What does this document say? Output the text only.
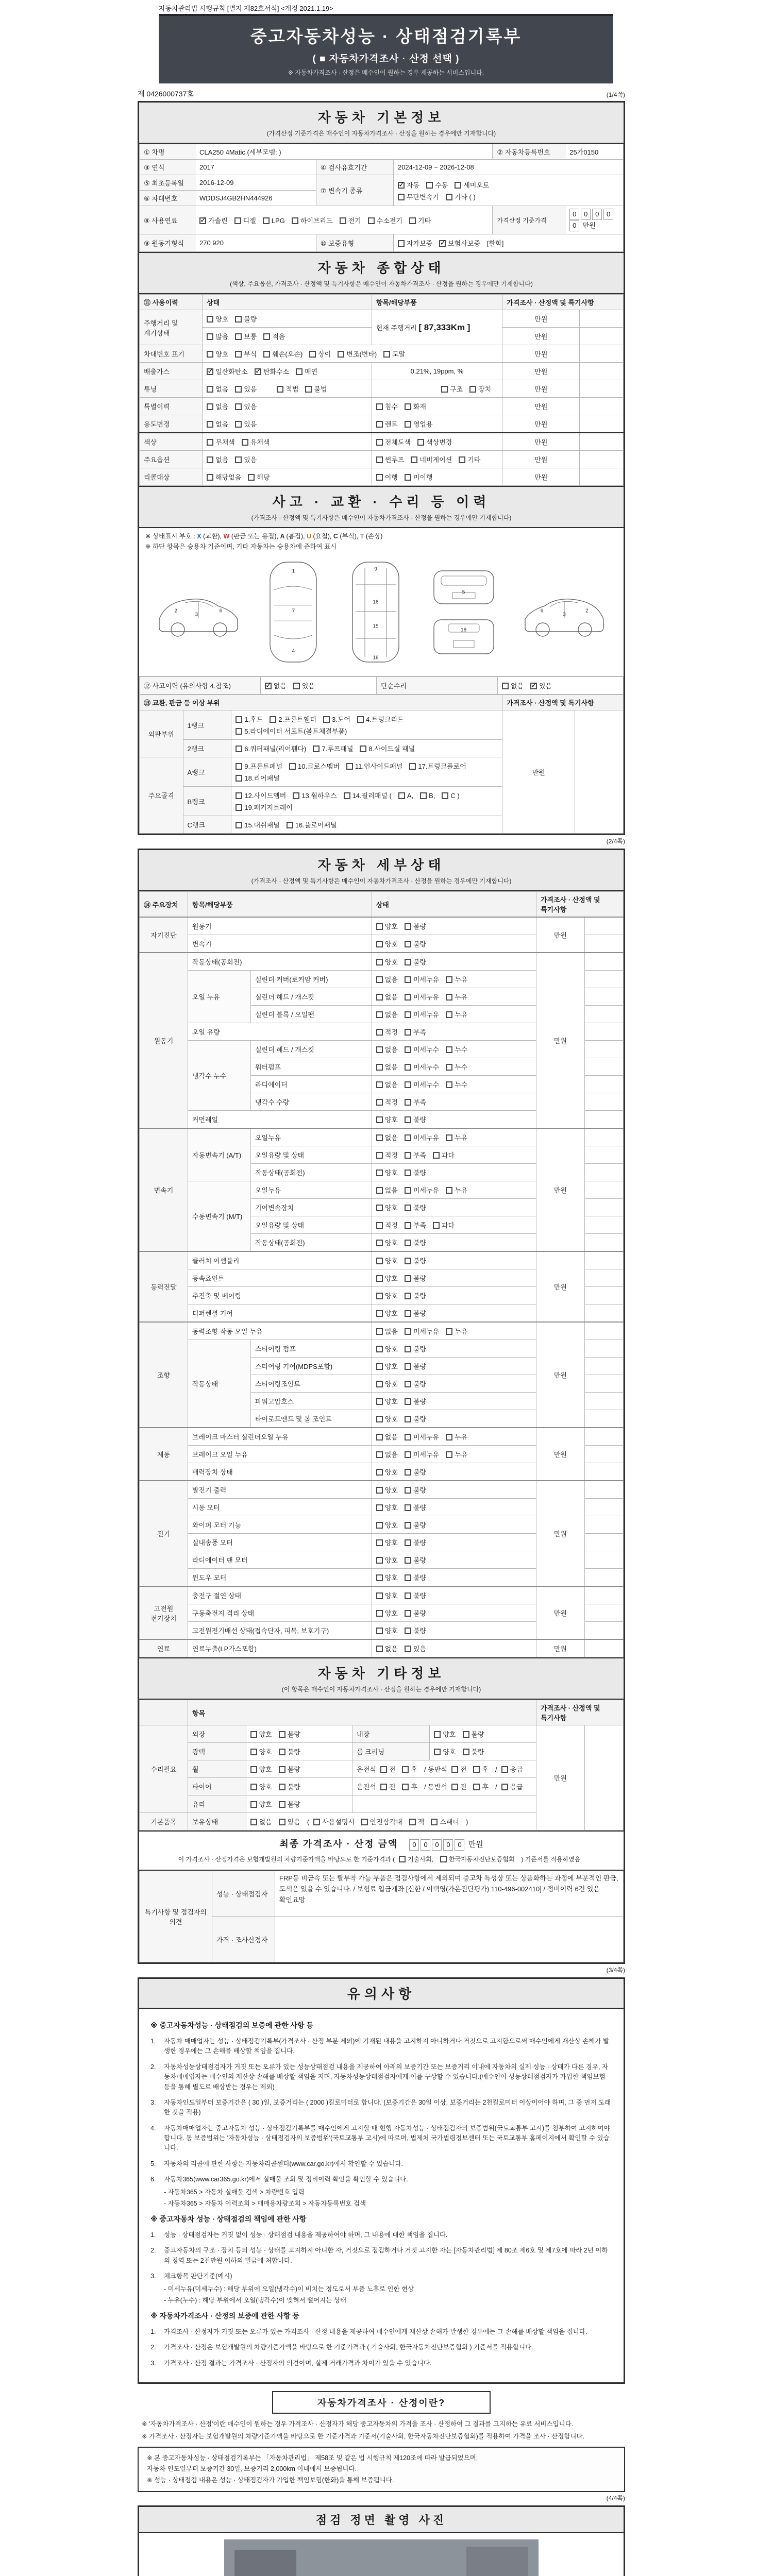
자동차관리법 시행규칙 [별지 제82호서식] <개정 2021.1.19>
중고자동차성능 · 상태점검기록부
( ■ 자동차가격조사 · 산정 선택 )
※ 자동차가격조사 · 산정은 매수인이 원하는 경우 제공하는 서비스입니다.
제 0426000737호	(1/4쪽)
자동차 기본정보
(가격산정 기준가격은 매수인이 자동차가격조사 · 산정을 원하는 경우에만 기재합니다)
① 차명	CLA250 4Matic (세부모델: )			② 자동차등록번호	25가0150
③ 연식	2017	④ 검사유효기간	2024-12-09 ~ 2026-12-08		
⑤ 최초등록일	2016-12-09	⑦ 변속기 종류	✓자동 수동 세미오토
무단변속기 기타 ( )
⑥ 차대번호	WDDSJ4GB2HN444926				
⑧ 사용연료	✓가솔린 디젤 LPG 하이브리드 전기 수소전기 기타			가격산정 기준가격	0 0 0 00 만원
⑨ 원동기형식	270 920	⑩ 보증유형	자가보증 ✓ 보험사보증 [한화]
자동차 종합상태
(색상, 주요옵션, 가격조사 · 산정액 및 특기사항은 매수인이 자동차가격조사 · 산정을 원하는 경우에만 기재합니다)
⑪ 사용이력	상태	항목/해당부품	가격조사 · 산정액 및 특기사항	
주행거리 및 계기상태	양호 불량	현재 주행거리 [ 87,333Km ]	만원	
	많음 보통 적음		만원	
차대번호 표기	양호 부식 훼손(오손) 상이 변조(변타) 도말		만원	
배출가스	✓일산화탄소 ✓ 탄화수소 매연	0.21%, 19ppm, %	만원	
튜닝	없음 있음 적법 불법	구조 장치	만원	
특별이력	없음 있음	침수 화재	만원	
용도변경	없음 있음	렌트 영업용	만원	
색상	무채색 유채색	전체도색 색상변경	만원	
주요옵션	없음 있음	썬루프 네비게이션 기타	만원	
리콜대상	해당없음 해당	이행 미이행	만원	
사고 · 교환 · 수리 등 이력
(가격조사 · 산정액 및 특기사항은 매수인이 자동차가격조사 · 산정을 원하는 경우에만 기재합니다)
※ 상태표시 부호 : X (교환), W (판금 또는 용접), A (흠집), U (요철), C (부식), T (손상)
※ 하단 항목은 승용차 기준이며, 기타 자동차는 승용차에 준하여 표시
2
3
6
1
7
4
9
16
15
18
5
18
2
3
6
⑫ 사고이력 (유의사항 4.참조)	✓없음 있음	단순수리	없음 ✓ 있음
⑬ 교환, 판금 등 이상 부위			가격조사 · 산정액 및 특기사항	
외판부위	1랭크	1.후드 2.프론트휀더 3.도어 4.트렁크리드
5.라디에이터 서포트(볼트체결부품)	만원	
	2랭크	6.쿼터패널(리어휀다) 7.루프패널 8.사이드실 패널		
주요골격	A랭크	9.프론트패널 10.크로스멤버 11.인사이드패널 17.트렁크플로어
18.리어패널		
	B랭크	12.사이드멤버 13.휠하우스 14.필러패널 ( A, B, C )
19.패키지트레이		
	C랭크	15.대쉬패널 16.플로어패널		
(2/4쪽)
자동차 세부상태
(가격조사 · 산정액 및 특기사항은 매수인이 자동차가격조사 · 산정을 원하는 경우에만 기재합니다)
⑭ 주요장치	항목/해당부품		상태	가격조사 · 산정액 및 특기사항	
자기진단	원동기		양호 불량	만원	
	변속기		양호 불량		
원동기	작동상태(공회전)		양호 불량	만원	
	오일 누유	실린더 커버(로커암 커버)	없음 미세누유 누유		
		실린더 헤드 / 개스킷	없음 미세누유 누유		
		실린더 블록 / 오일팬	없음 미세누유 누유		
	오일 유량		적정 부족		
	냉각수 누수	실린더 헤드 / 개스킷	없음 미세누수 누수		
		워터펌프	없음 미세누수 누수		
		라디에이터	없음 미세누수 누수		
		냉각수 수량	적정 부족		
	커먼레일		양호 불량		
변속기	자동변속기 (A/T)	오일누유	없음 미세누유 누유	만원	
		오일유량 및 상태	적정 부족 과다		
		작동상태(공회전)	양호 불량		
	수동변속기 (M/T)	오일누유	없음 미세누유 누유		
		기어변속장치	양호 불량		
		오일유량 및 상태	적정 부족 과다		
		작동상태(공회전)	양호 불량		
동력전달	클러치 어셈블리		양호 불량	만원	
	등속죠인트		양호 불량		
	추진축 및 베어링		양호 불량		
	디퍼렌셜 기어		양호 불량		
조향	동력조향 작동 오일 누유		없음 미세누유 누유	만원	
	작동상태	스티어링 펌프	양호 불량		
		스티어링 기어(MDPS포함)	양호 불량		
		스티어링조인트	양호 불량		
		파워고압호스	양호 불량		
		타이로드엔드 및 볼 조인트	양호 불량		
제동	브레이크 마스터 실린더오일 누유		없음 미세누유 누유	만원	
	브레이크 오일 누유		없음 미세누유 누유		
	배력장치 상태		양호 불량		
전기	발전기 출력		양호 불량	만원	
	시동 모터		양호 불량		
	와이퍼 모터 기능		양호 불량		
	실내송풍 모터		양호 불량		
	라디에이터 팬 모터		양호 불량		
	윈도우 모터		양호 불량		
고전원 전기장치	충전구 절연 상태		양호 불량	만원	
	구동축전지 격리 상태		양호 불량		
	고전원전기배선 상태(접속단자, 피복, 보호기구)		양호 불량		
연료	연료누출(LP가스포함)		없음 있음	만원	
자동차 기타정보
(이 항목은 매수인이 자동차가격조사 · 산정을 원하는 경우에만 기재합니다)
	항목				가격조사 · 산정액 및 특기사항	
수리필요	외장	양호 불량	내장	양호 불량	만원	
	광택	양호 불량	룸 크리닝	양호 불량		
	휠	양호 불량	운전석 전 후 / 동반석 전 후 / 응급			
	타이어	양호 불량	운전석 전 후 / 동반석 전 후 / 응급			
	유리	양호 불량				
기본품목	보유상태	없음 있음 ( 사용설명서 안전삼각대 잭 스패너 )				
최종 가격조사 · 산정 금액 0 0 0 0 0 만원
이 가격조사 · 산정가격은 보험개발원의 차량기준가액을 바탕으로 한 기준가격과 ( 기술사회,	한국자동차진단보증협회 ) 기준서를 적용하였음
특기사항 및 점검자의 의견	성능 · 상태점검자	FRP등 비금속 또는 탈부착 가능 부품은 점검사항에서 제외되며 중고차 특성상 또는 상품화하는 과정에 부분적인 판금, 도색은 있을 수 있습니다. / 보험료 입금계좌 [신한 / 이택영(가온진단평가) 110-496-002410] / 정비이력 6건 있음 확인요망
	가격 · 조사산정자	
(3/4쪽)
유의사항
※ 중고자동차성능 · 상태점검의 보증에 관한 사항 등
1.	자동차 매매업자는 성능 · 상태점검기록부(가격조사 · 산정 부분 제외)에 기재된 내용을 고지하지 아니하거나 거짓으로 고지함으로써 매수인에게 재산상 손해가 발생한 경우에는 그 손해를 배상할 책임을 집니다.
2.	자동차성능상태점검자가 거짓 또는 오류가 있는 성능상태점검 내용을 제공하여 아래의 보증기간 또는 보증거리 이내에 자동차의 실제 성능 · 상태가 다른 경우, 자동차매매업자는 매수인의 재산상 손해를 배상할 책임을 지며, 자동차성능상태점검자에게 이를 구상할 수 있습니다.(매수인이 성능상태점검자가 가입한 책임보험 등을 통해 별도로 배상받는 경우는 제외)
3.	자동차인도일부터 보증기간은 ( 30 )일, 보증거리는 ( 2000 )킬로미터로 합니다. (보증기간은 30일 이상, 보증거리는 2천킬로미터 이상이어야 하며, 그 중 먼저 도래한 것을 적용)
4.	자동차매매업자는 중고자동차 성능 · 상태점검기록부를 매수인에게 고지할 때 현행 자동차성능 · 상태점검자의 보증범위(국토교통부 고시)를 첨부하여 고지하여야 합니다. 동 보증범위는 '자동차성능 · 상태점검자의 보증범위'(국토교통부 고시)에 따르며, 법제처 국가법령정보센터 또는 국토교통부 홈페이지에서 확인할 수 있습니다.
5.	자동차의 리콜에 관한 사항은 자동차리콜센터(www.car.go.kr)에서 확인할 수 있습니다.
6.	자동차365(www.car365.go.kr)에서 실매물 조회 및 정비이력 확인을 확인할 수 있습니다.
- 자동차365 > 자동차 실매물 검색 > 차량번호 입력
- 자동차365 > 자동차 이력조회 > 매매용차량조회 > 자동차등록번호 검색
※ 중고자동차 성능 · 상태점검의 책임에 관한 사항
1.	성능 · 상태점검자는 거짓 없이 성능 · 상태점검 내용을 제공하여야 하며, 그 내용에 대한 책임을 집니다.
2.	중고자동차의 구조 · 장치 등의 성능 · 상태를 고지하지 아니한 자, 거짓으로 점검하거나 거짓 고지한 자는 [자동차관리법] 제 80조 제6호 및 제7호에 따라 2년 이하의 징역 또는 2천만원 이하의 벌금에 처합니다.
3.	체크항목 판단기준(예시)
- 미세누유(미세누수) : 해당 부위에 오일(냉각수)이 비치는 정도로서 부품 노후로 인한 현상
- 누유(누수) : 해당 부위에서 오일(냉각수)이 맺혀서 떨어지는 상태
※ 자동차가격조사 · 산정의 보증에 관한 사항 등
1.	가격조사 · 산정자가 거짓 또는 오류가 있는 가격조사 · 산정 내용을 제공하여 매수인에게 재산상 손해가 발생한 경우에는 그 손해를 배상할 책임을 집니다.
2.	가격조사 · 산정은 보험개발원의 차량기준가액을 바탕으로 한 기준가격과 ( 기술사회, 한국자동차진단보증협회 ) 기준서를 적용합니다.
3.	가격조사 · 산정 결과는 가격조사 · 산정자의 의견이며, 실제 거래가격과 차이가 있을 수 있습니다.
자동차가격조사 · 산정이란?
※ '자동차가격조사 · 산정'이란 매수인이 원하는 경우 가격조사 · 산정자가 해당 중고자동차의 가격을 조사 · 산정하여 그 결과를 고지하는 유료 서비스입니다.
※ 가격조사 · 산정자는 보험개발원의 차량기준가액을 바탕으로 한 기준가격과 기준서(기술사회, 한국자동차진단보증협회)를 적용하여 가격을 조사 · 산정합니다.
※ 본 중고자동차성능 · 상태점검기록부는 「자동차관리법」 제58조 및 같은 법 시행규칙 제120조에 따라 발급되었으며,
자동차 인도일부터 보증기간 30일, 보증거리 2,000km 이내에서 보증됩니다.
※ 성능 · 상태점검 내용은 성능 · 상태점검자가 가입한 책임보험(한화)을 통해 보증됩니다.
(4/4쪽)
점검 정면 촬영 사진
